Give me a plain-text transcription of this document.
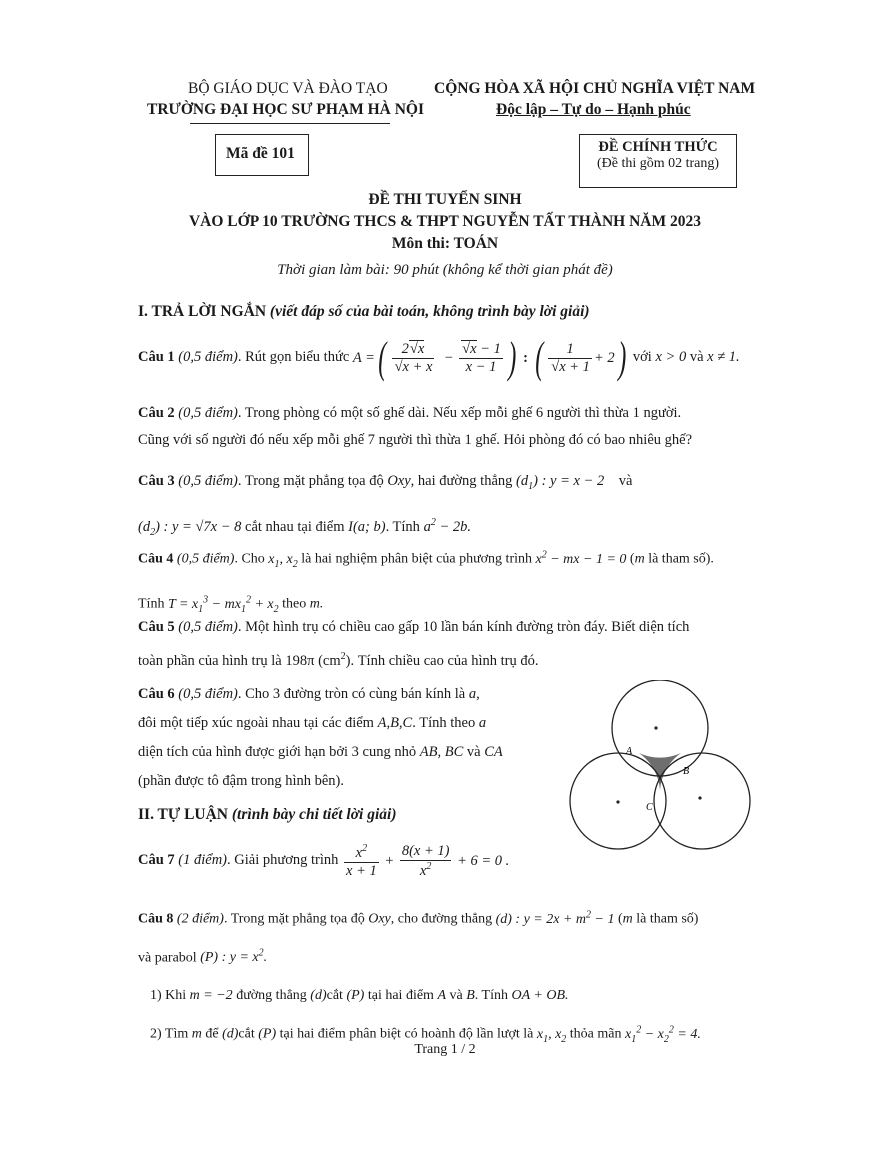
BỘ GIÁO DỤC VÀ ĐÀO TẠO
TRƯỜNG ĐẠI HỌC SƯ PHẠM HÀ NỘI
CỘNG HÒA XÃ HỘI CHỦ NGHĨA VIỆT NAM
Độc lập – Tự do – Hạnh phúc
Mã đề 101	ĐỀ CHÍNH THỨC
(Đề thi gồm 02 trang)
ĐỀ THI TUYỂN SINH
VÀO LỚP 10 TRƯỜNG THCS & THPT NGUYỄN TẤT THÀNH NĂM 2023
Môn thi: TOÁN
Thời gian làm bài: 90 phút (không kể thời gian phát đề)
I. TRẢ LỜI NGẮN (viết đáp số của bài toán, không trình bày lời giải)
Câu 1 (0,5 điểm). Rút gọn biểu thức A =( $\frac{2√x}{√x + x} - \frac{√x - 1}{x - 1}$ ) : ( $\frac{1}{√x + 1} + 2$) với x > 0 và x ≠ 1.
Câu 2 (0,5 điểm). Trong phòng có một số ghế dài. Nếu xếp mỗi ghế 6 người thì thừa 1 người.
Cũng với số người đó nếu xếp mỗi ghế 7 người thì thừa 1 ghế. Hỏi phòng đó có bao nhiêu ghế?
Câu 3 (0,5 điểm). Trong mặt phẳng tọa độ Oxy, hai đường thẳng $(d_1)$ : y = x − 2 và
$(d_2)$ : y = √7x − 8 cắt nhau tại điểm I(a; b). Tính $a^2 - 2b$.
Câu 4 (0,5 điểm). Cho $x_1$, $x_2$ là hai nghiệm phân biệt của phương trình $x^2$ − mx − 1 = 0 (m là tham số).
Tính $T = x_1^3 - mx_1^2 + x_2$ theo m.
Câu 5 (0,5 điểm). Một hình trụ có chiều cao gấp 10 lần bán kính đường tròn đáy. Biết diện tích
toàn phần của hình trụ là 198π $(cm^2)$. Tính chiều cao của hình trụ đó.
Câu 6 (0,5 điểm). Cho 3 đường tròn có cùng bán kính là a,
đôi một tiếp xúc ngoài nhau tại các điểm A,B,C. Tính theo a
diện tích của hình được giới hạn bởi 3 cung nhỏ AB, BC và CA
(phần được tô đậm trong hình bên).
A
B
C
II. TỰ LUẬN (trình bày chi tiết lời giải)
Câu 7 (1 điểm). Giải phương trình $\frac{x^2}{x + 1} + \frac{8(x + 1)}{x^2} + 6 = 0$ .
Câu 8 (2 điểm). Trong mặt phẳng tọa độ Oxy, cho đường thẳng (d) : $y = 2x + m^2 - 1$ (m là tham số)
và parabol (P) : $y = x^2$.
1) Khi m = −2 đường thẳng (d)cắt (P) tại hai điểm A và B. Tính OA + OB.
2) Tìm m để (d)cắt (P) tại hai điểm phân biệt có hoành độ lần lượt là $x_1$, $x_2$ thỏa mãn $x_1^2 - x_2^2 = 4$.
Trang 1 / 2
